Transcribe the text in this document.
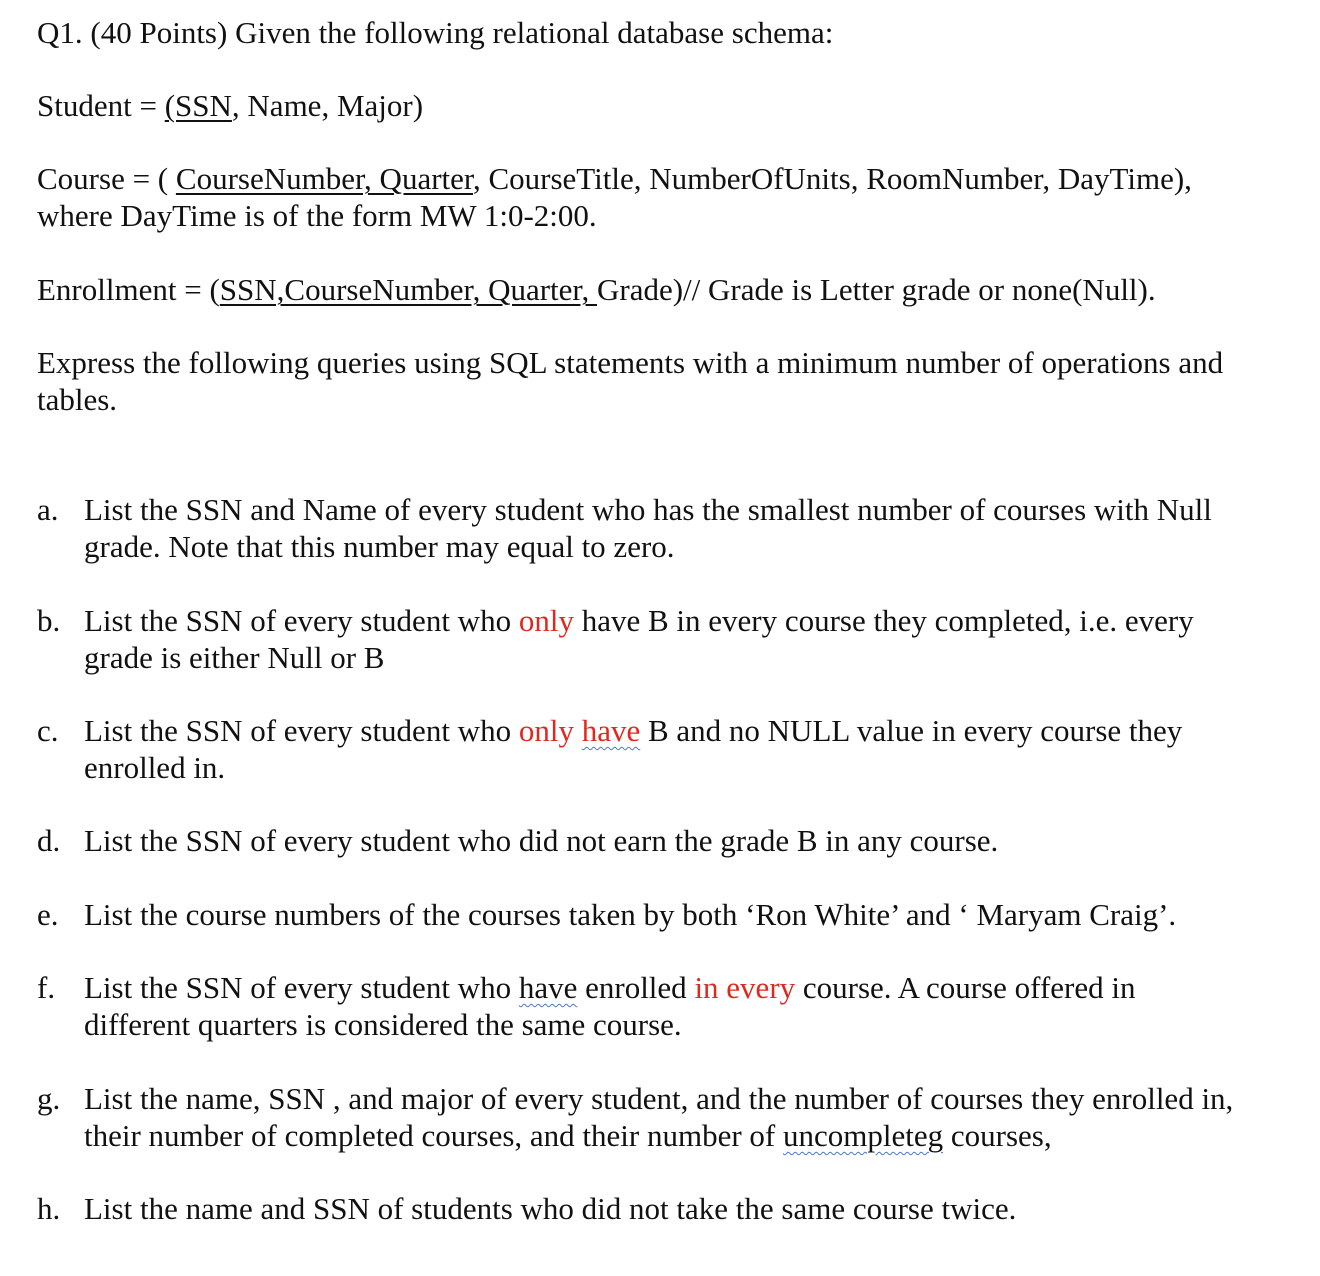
Q1. (40 Points) Given the following relational database schema:

Student = (SSN, Name, Major)

Course = ( CourseNumber, Quarter, CourseTitle, NumberOfUnits, RoomNumber, DayTime),

where DayTime is of the form MW 1:0-2:00.

Enrollment = (SSN,CourseNumber, Quarter, Grade)// Grade is Letter grade or none(Null).

Express the following queries using SQL statements with a minimum number of operations and

tables.

a. List the SSN and Name of every student who has the smallest number of courses with Null
grade. Note that this number may equal to zero.
b. List the SSN of every student who only have B in every course they completed, i.e. every
grade is either Null or B
c. List the SSN of every student who only have B and no NULL value in every course they
enrolled in.
d. List the SSN of every student who did not earn the grade B in any course.
e. List the course numbers of the courses taken by both ‘Ron White’ and ‘ Maryam Craig’.
f. List the SSN of every student who have enrolled in every course. A course offered in
different quarters is considered the same course.
g. List the name, SSN , and major of every student, and the number of courses they enrolled in,
their number of completed courses, and their number of uncompleteg courses,
h. List the name and SSN of students who did not take the same course twice.
